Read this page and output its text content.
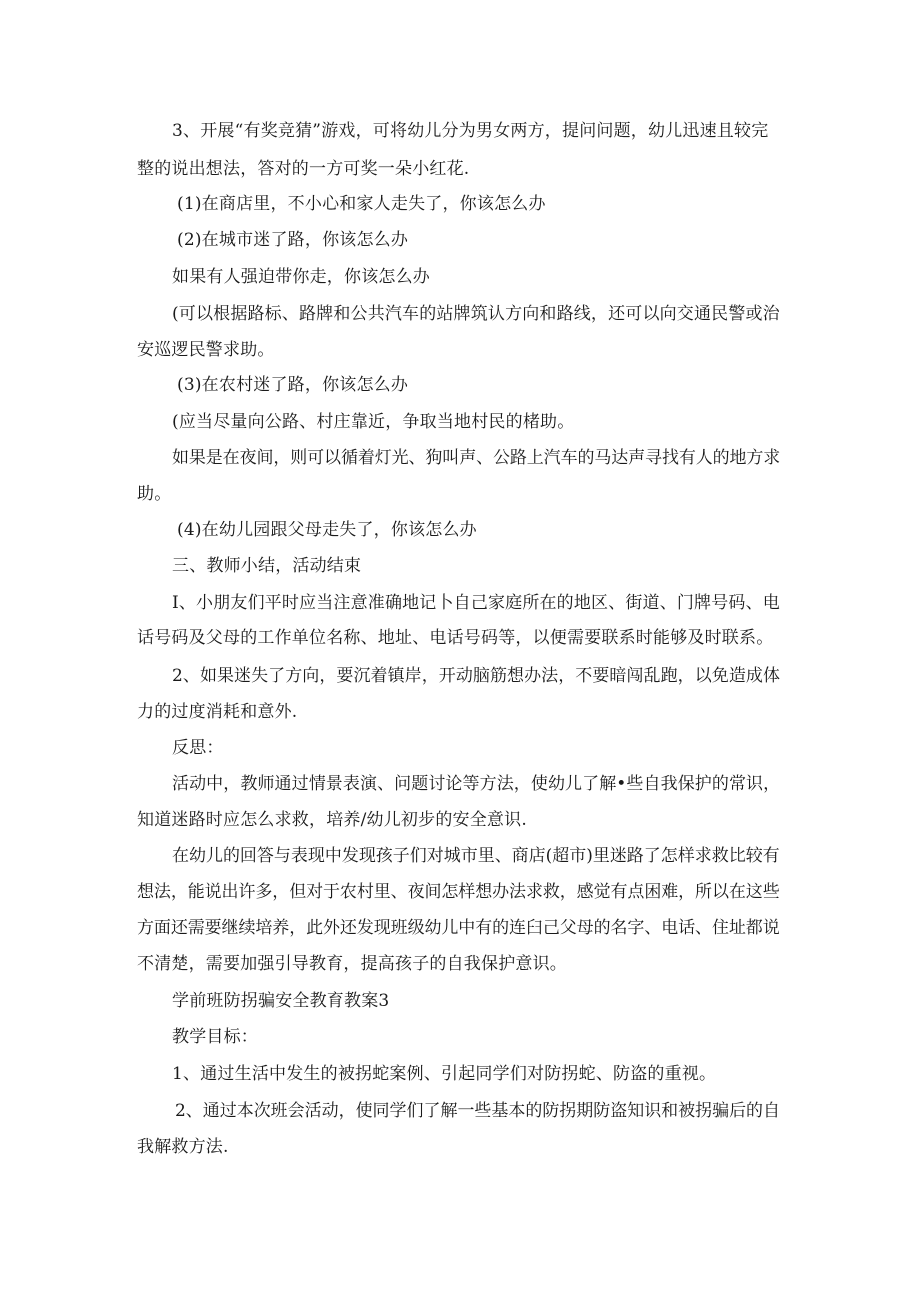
3、开展“有奖竞猜”游戏，可将幼儿分为男女两方，提问问题，幼儿迅速且较完

整的说出想法，答对的一方可奖一朵小红花.

(1)在商店里，不小心和家人走失了，你该怎么办

(2)在城市迷了路，你该怎么办

如果有人强迫带你走，你该怎么办

(可以根据路标、路牌和公共汽车的站牌筑认方向和路线，还可以向交通民警或治

安巡逻民警求助。

(3)在农村迷了路，你该怎么办

(应当尽量向公路、村庄靠近，争取当地村民的楮助。

如果是在夜间，则可以循着灯光、狗叫声、公路上汽车的马达声寻找有人的地方求

助。

(4)在幼儿园跟父母走失了，你该怎么办

三、教师小结，活动结束

I、小朋友们平时应当注意准确地记卜自己家庭所在的地区、街道、门牌号码、电

话号码及父母的工作单位名称、地址、电话号码等，以便需要联系时能够及时联系。

2、如果迷失了方向，要沉着镇岸，开动脑筋想办法，不要暗闯乱跑，以免造成体

力的过度消耗和意外.

反思：

活动中，教师通过情景表演、问题讨论等方法，使幼儿了解•些自我保护的常识，

知道迷路时应怎么求救，培养/幼儿初步的安全意识.

在幼儿的回答与表现中发现孩子们对城市里、商店(超市)里迷路了怎样求救比较有

想法，能说出许多，但对于农村里、夜间怎样想办法求救，感觉有点困难，所以在这些

方面还需要继续培养，此外还发现班级幼儿中有的连臼己父母的名字、电话、住址都说

不清楚，需要加强引导教育，提高孩子的自我保护意识。

学前班防拐骗安全教育教案3

教学目标：

1、通过生活中发生的被拐蛇案例、引起同学们对防拐蛇、防盗的重视。

2、通过本次班会活动，使同学们了解一些基本的防拐期防盗知识和被拐骗后的自

我解救方法.
